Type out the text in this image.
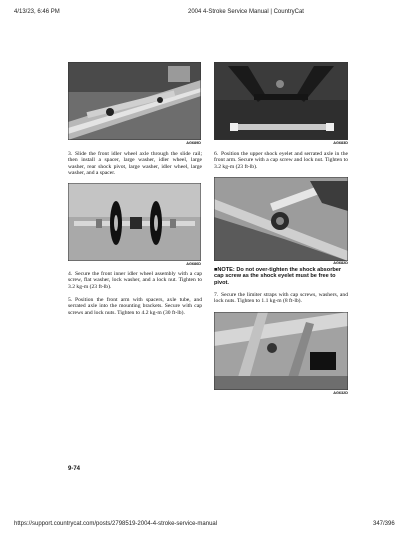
4/13/23, 6:46 PM	2004 4-Stroke Service Manual | CountryCat
AG689D	AG683D
3. Slide the front idler wheel axle through the slide rail; then install a spacer, large washer, idler wheel, large washer, rear shock pivot, large washer, idler wheel, large washer, and a spacer.
6. Position the upper shock eyelet and serrated axle in the front arm. Secure with a cap screw and lock nut. Tighten to 3.2 kg-m (23 ft-lb).
AG686D	AG682D
4. Secure the front inner idler wheel assembly with a cap screw, flat washer, lock washer, and a lock nut. Tighten to 3.2 kg-m (23 ft-lb).
■NOTE: Do not over-tighten the shock absorber cap screw as the shock eyelet must be free to pivot.
5. Position the front arm with spacers, axle tube, and serrated axle into the mounting brackets. Secure with cap screws and lock nuts. Tighten to 4.2 kg-m (30 ft-lb).
7. Secure the limiter straps with cap screws, washers, and lock nuts. Tighten to 1.1 kg-m (8 ft-lb).
AG632D
9-74
https://support.countrycat.com/posts/2798519-2004-4-stroke-service-manual	347/396
